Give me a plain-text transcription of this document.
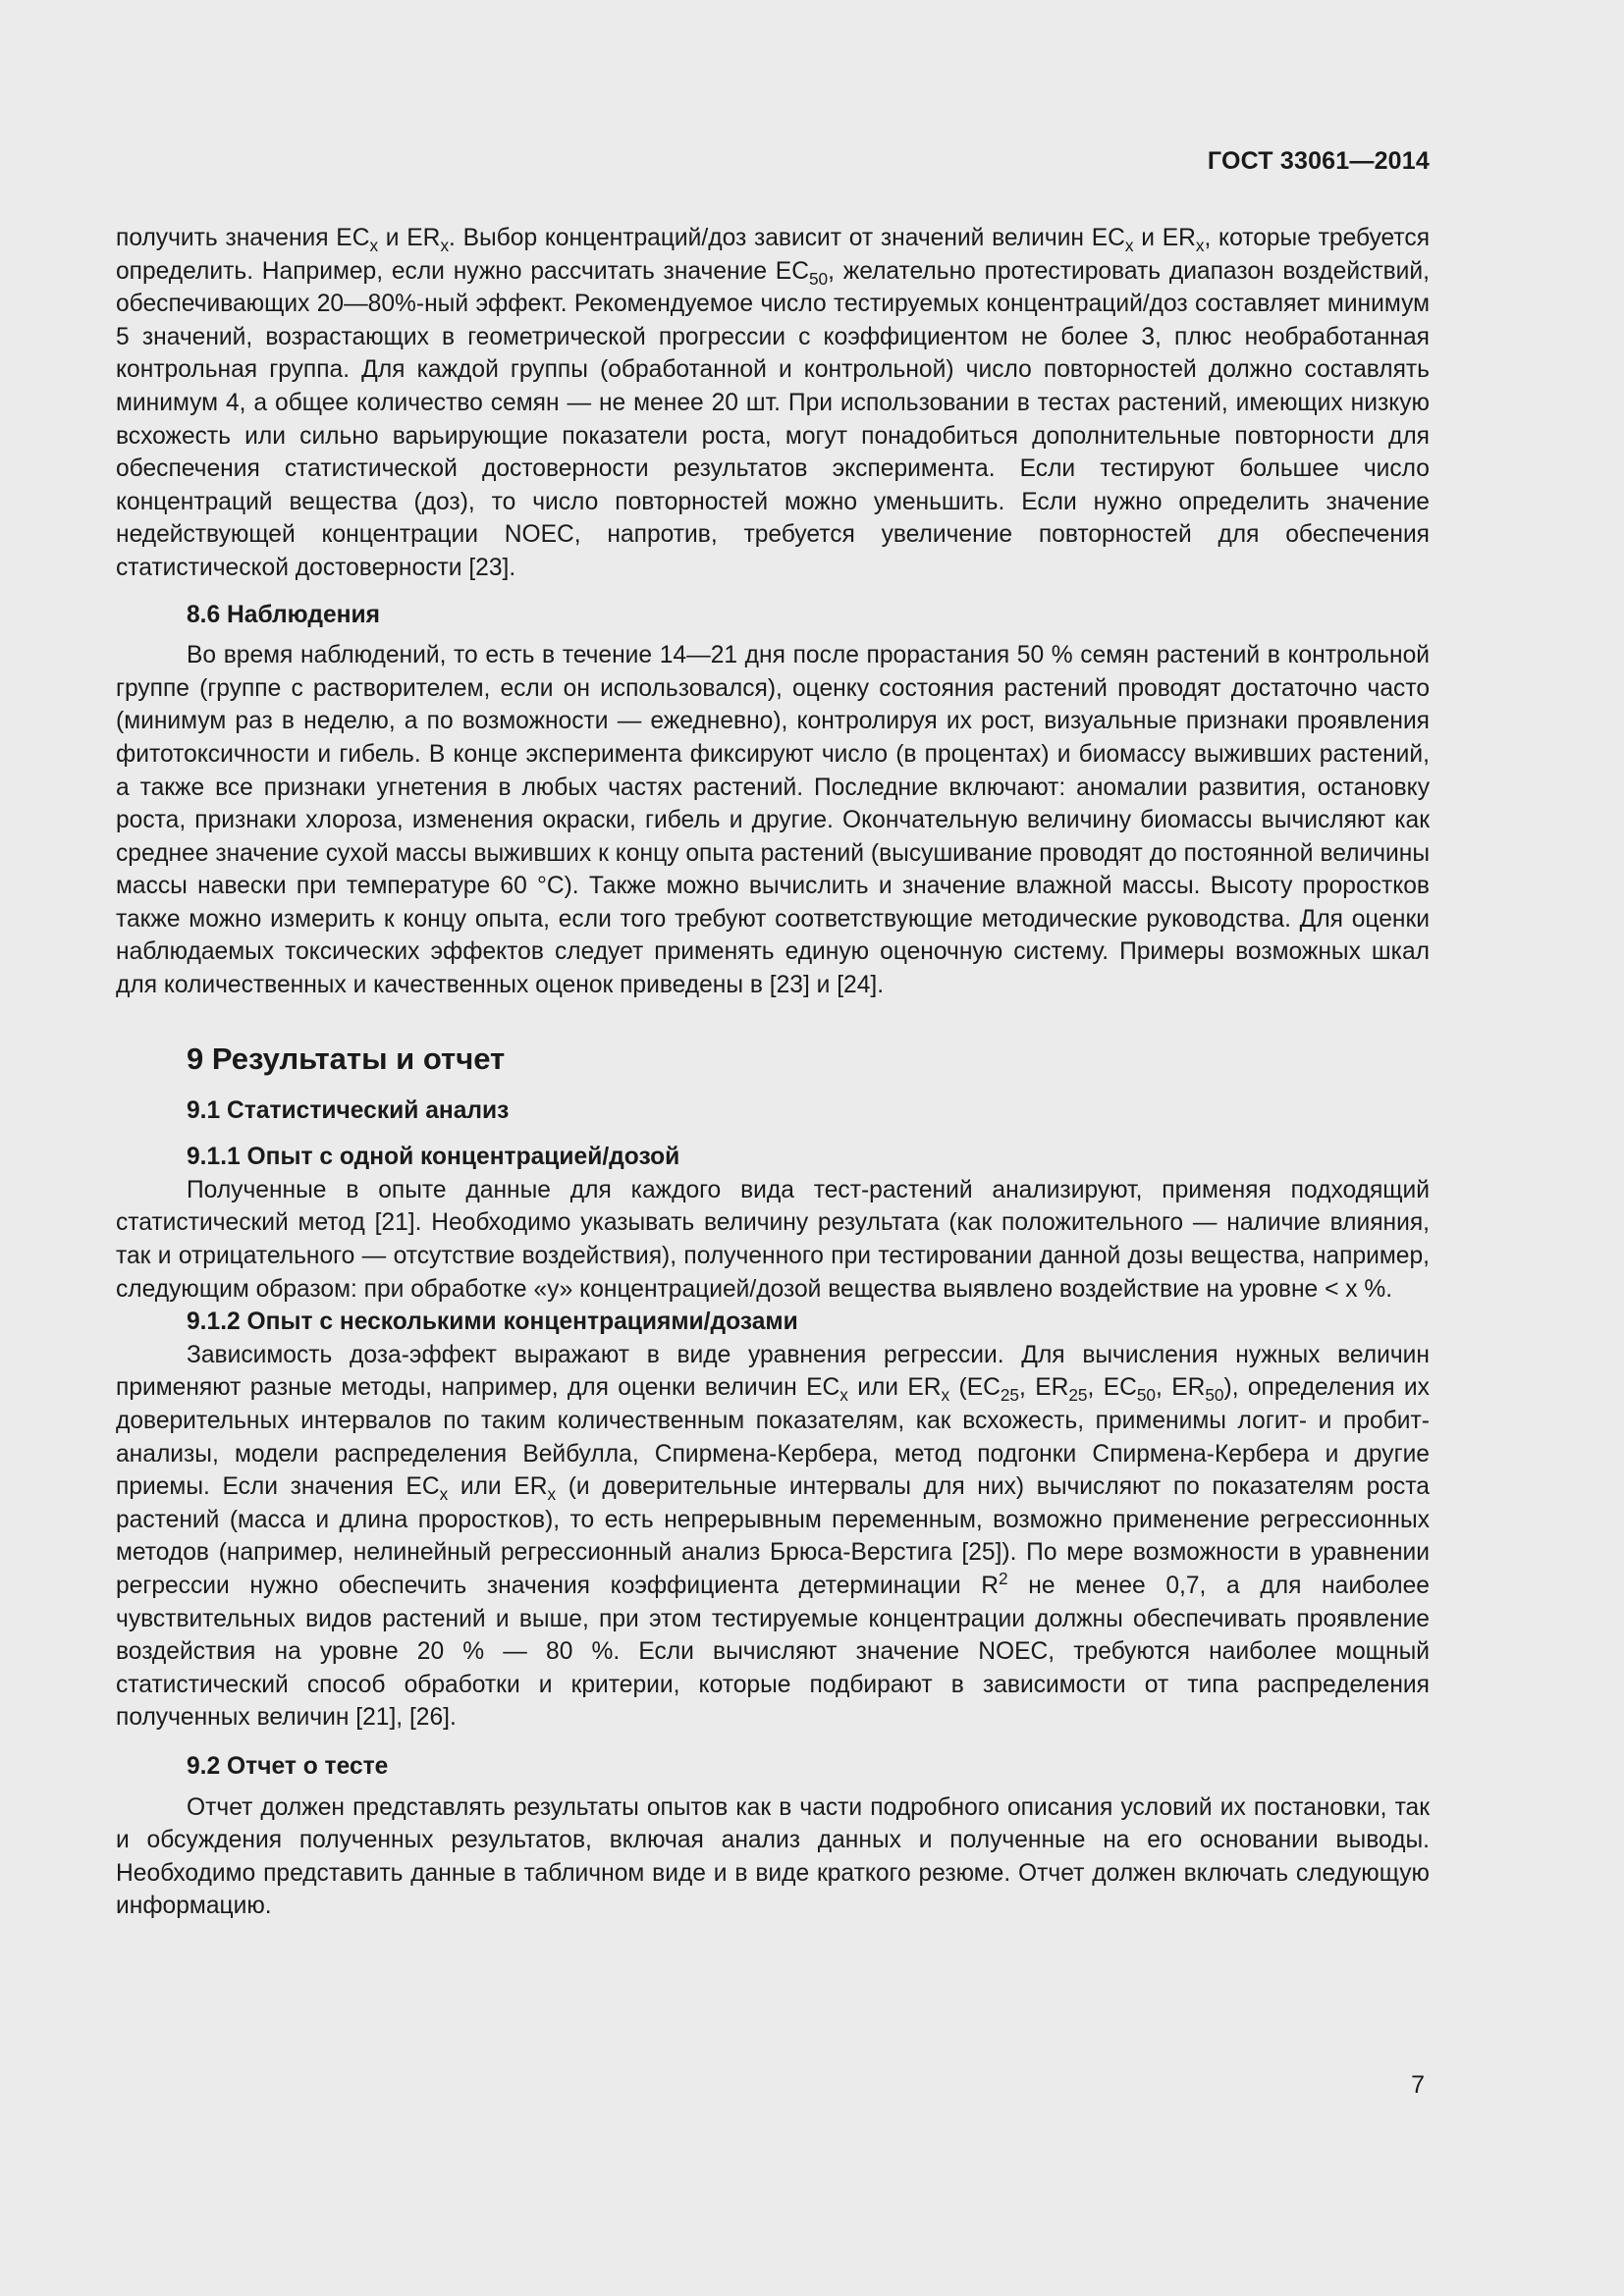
ГОСТ 33061—2014

получить значения $EC_x$ и $ER_x$. Выбор концентраций/доз зависит от значений величин $EC_x$ и $ER_x$, которые требуется определить. Например, если нужно рассчитать значение $EC_{50}$, желательно протестировать диапазон воздействий, обеспечивающих 20—80%-ный эффект. Рекомендуемое число тестируемых концентраций/доз составляет минимум 5 значений, возрастающих в геометрической прогрессии с коэффициентом не более 3, плюс необработанная контрольная группа. Для каждой группы (обработанной и контрольной) число повторностей должно составлять минимум 4, а общее количество семян — не менее 20 шт. При использовании в тестах растений, имеющих низкую всхожесть или сильно варьирующие показатели роста, могут понадобиться дополнительные повторности для обеспечения статистической достоверности результатов эксперимента. Если тестируют большее число концентраций вещества (доз), то число повторностей можно уменьшить. Если нужно определить значение недействующей концентрации NOEC, напротив, требуется увеличение повторностей для обеспечения статистической достоверности [23].

8.6 Наблюдения

Во время наблюдений, то есть в течение 14—21 дня после прорастания 50 % семян растений в контрольной группе (группе с растворителем, если он использовался), оценку состояния растений проводят достаточно часто (минимум раз в неделю, а по возможности — ежедневно), контролируя их рост, визуальные признаки проявления фитотоксичности и гибель. В конце эксперимента фиксируют число (в процентах) и биомассу выживших растений, а также все признаки угнетения в любых частях растений. Последние включают: аномалии развития, остановку роста, признаки хлороза, изменения окраски, гибель и другие. Окончательную величину биомассы вычисляют как среднее значение сухой массы выживших к концу опыта растений (высушивание проводят до постоянной величины массы навески при температуре 60 °C). Также можно вычислить и значение влажной массы. Высоту проростков также можно измерить к концу опыта, если того требуют соответствующие методические руководства. Для оценки наблюдаемых токсических эффектов следует применять единую оценочную систему. Примеры возможных шкал для количественных и качественных оценок приведены в [23] и [24].

9 Результаты и отчет
9.1 Статистический анализ
9.1.1 Опыт с одной концентрацией/дозой

Полученные в опыте данные для каждого вида тест-растений анализируют, применяя подходящий статистический метод [21]. Необходимо указывать величину результата (как положительного — наличие влияния, так и отрицательного — отсутствие воздействия), полученного при тестировании данной дозы вещества, например, следующим образом: при обработке «у» концентрацией/дозой вещества выявлено воздействие на уровне < х %.

9.1.2 Опыт с несколькими концентрациями/дозами

Зависимость доза-эффект выражают в виде уравнения регрессии. Для вычисления нужных величин применяют разные методы, например, для оценки величин $EC_x$ или $ER_x$ ($EC_{25}$, $ER_{25}$, $EC_{50}$, $ER_{50}$), определения их доверительных интервалов по таким количественным показателям, как всхожесть, применимы логит- и пробит-анализы, модели распределения Вейбулла, Спирмена-Кербера, метод подгонки Спирмена-Кербера и другие приемы. Если значения $EC_x$ или $ER_x$ (и доверительные интервалы для них) вычисляют по показателям роста растений (масса и длина проростков), то есть непрерывным переменным, возможно применение регрессионных методов (например, нелинейный регрессионный анализ Брюса-Верстига [25]). По мере возможности в уравнении регрессии нужно обеспечить значения коэффициента детерминации $R^2$ не менее 0,7, а для наиболее чувствительных видов растений и выше, при этом тестируемые концентрации должны обеспечивать проявление воздействия на уровне 20 % — 80 %. Если вычисляют значение NOEC, требуются наиболее мощный статистический способ обработки и критерии, которые подбирают в зависимости от типа распределения полученных величин [21], [26].

9.2 Отчет о тесте

Отчет должен представлять результаты опытов как в части подробного описания условий их постановки, так и обсуждения полученных результатов, включая анализ данных и полученные на его основании выводы. Необходимо представить данные в табличном виде и в виде краткого резюме. Отчет должен включать следующую информацию.

7
